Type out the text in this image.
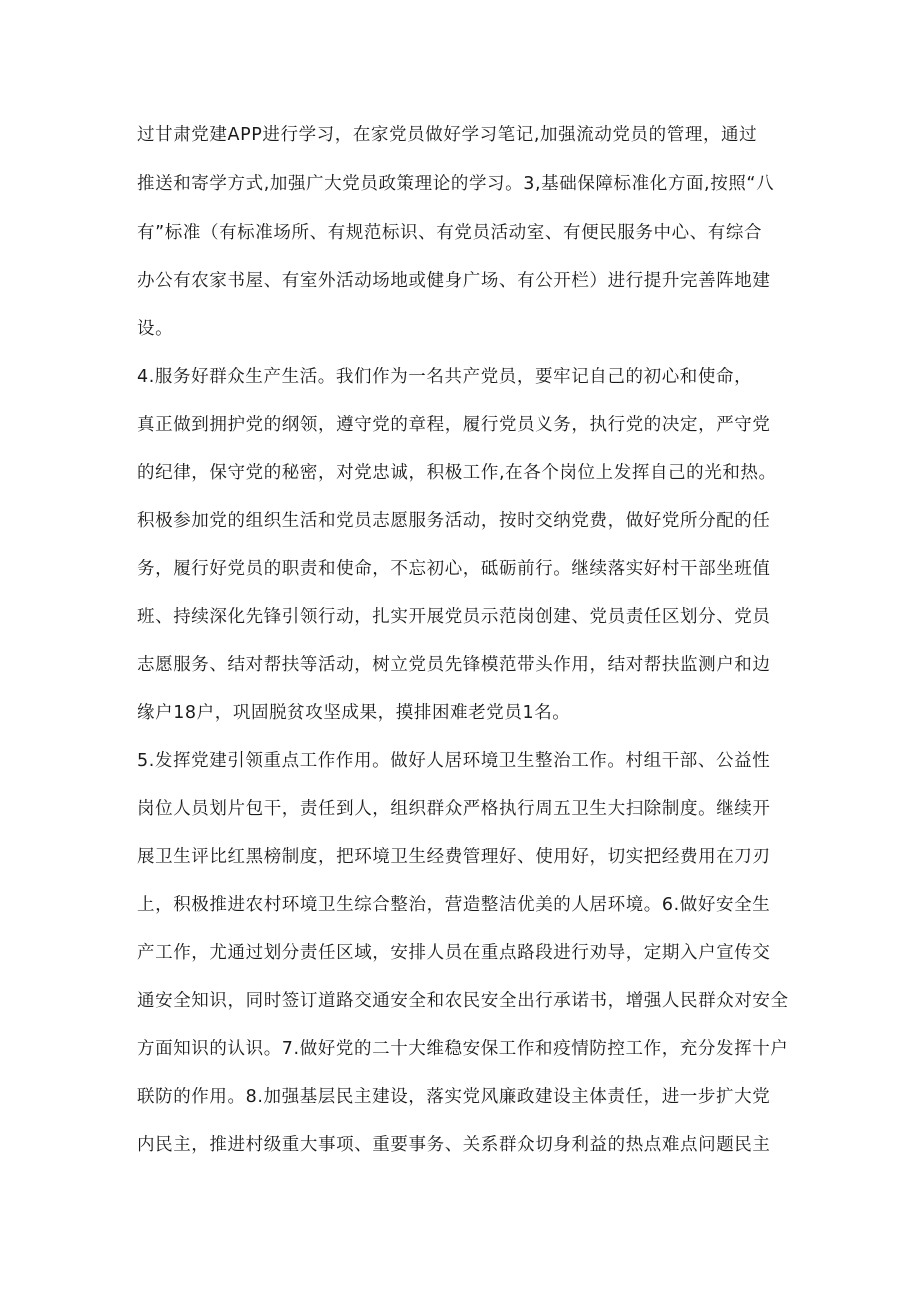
过甘肃党建APP进行学习，在家党员做好学习笔记,加强流动党员的管理，通过
推送和寄学方式,加强广大党员政策理论的学习。3,基础保障标准化方面,按照“八
有”标准（有标准场所、有规范标识、有党员活动室、有便民服务中心、有综合
办公有农家书屋、有室外活动场地或健身广场、有公开栏）进行提升完善阵地建
设。
4.服务好群众生产生活。我们作为一名共产党员，要牢记自己的初心和使命，
真正做到拥护党的纲领，遵守党的章程，履行党员义务，执行党的决定，严守党
的纪律，保守党的秘密，对党忠诚，积极工作,在各个岗位上发挥自己的光和热。
积极参加党的组织生活和党员志愿服务活动，按时交纳党费，做好党所分配的任
务，履行好党员的职责和使命，不忘初心，砥砺前行。继续落实好村干部坐班值
班、持续深化先锋引领行动，扎实开展党员示范岗创建、党员责任区划分、党员
志愿服务、结对帮扶等活动，树立党员先锋模范带头作用，结对帮扶监测户和边
缘户18户，巩固脱贫攻坚成果，摸排困难老党员1名。
5.发挥党建引领重点工作作用。做好人居环境卫生整治工作。村组干部、公益性
岗位人员划片包干，责任到人，组织群众严格执行周五卫生大扫除制度。继续开
展卫生评比红黑榜制度，把环境卫生经费管理好、使用好，切实把经费用在刀刃
上，积极推进农村环境卫生综合整治，营造整洁优美的人居环境。6.做好安全生
产工作，尤通过划分责任区域，安排人员在重点路段进行劝导，定期入户宣传交
通安全知识，同时签订道路交通安全和农民安全出行承诺书，增强人民群众对安全
方面知识的认识。7.做好党的二十大维稳安保工作和疫情防控工作，充分发挥十户
联防的作用。8.加强基层民主建设，落实党风廉政建设主体责任，进一步扩大党
内民主，推进村级重大事项、重要事务、关系群众切身利益的热点难点问题民主
